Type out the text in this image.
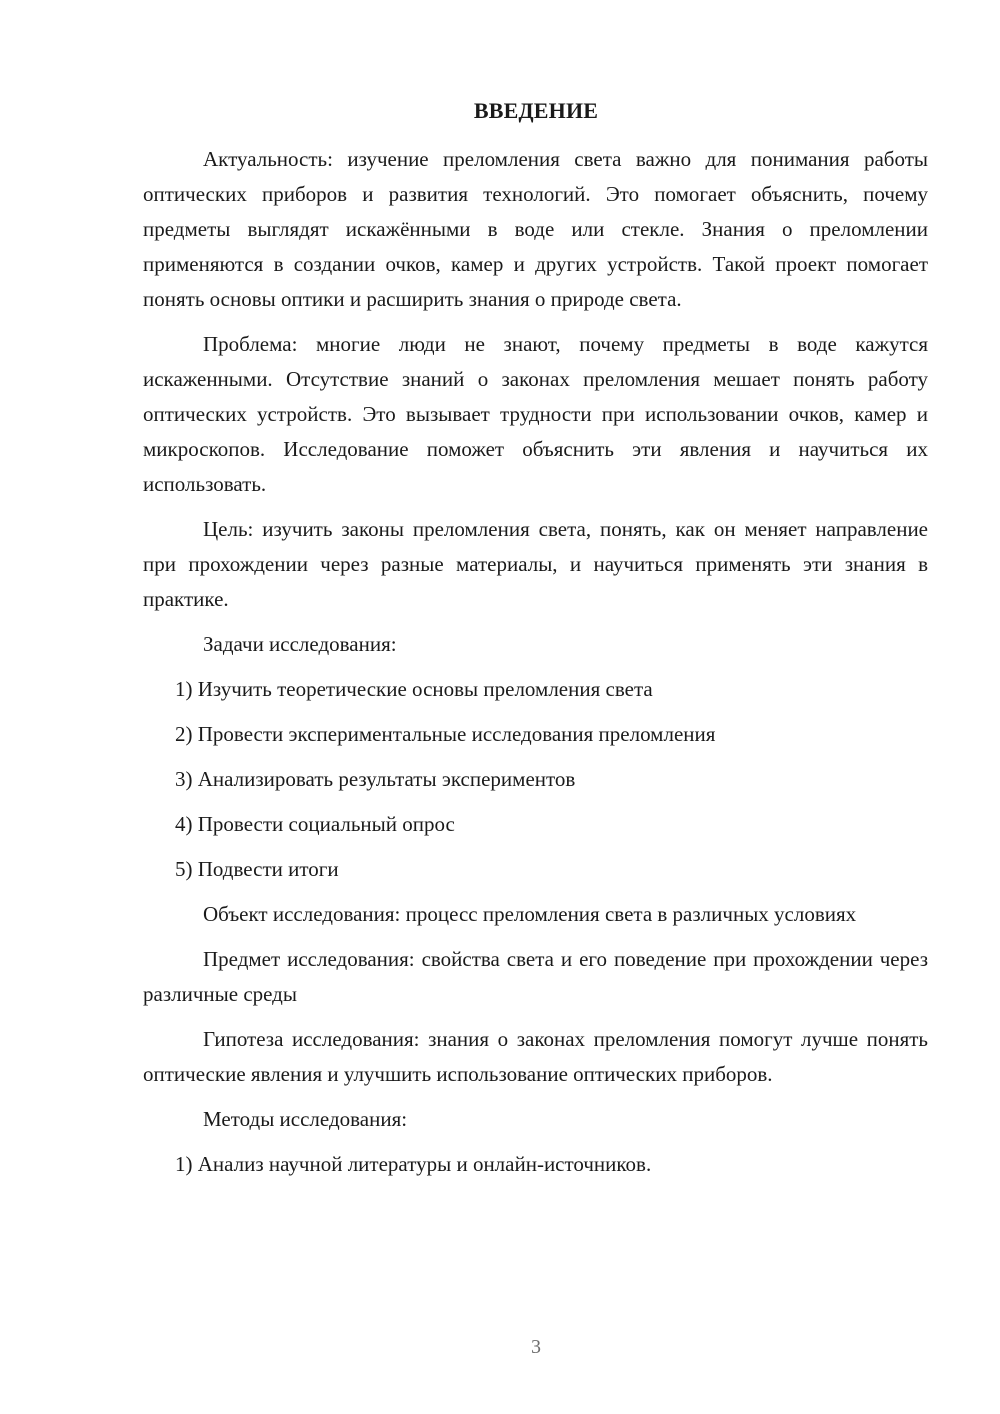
ВВЕДЕНИЕ

Актуальность: изучение преломления света важно для понимания работы оптических приборов и развития технологий. Это помогает объяснить, почему предметы выглядят искажёнными в воде или стекле. Знания о преломлении применяются в создании очков, камер и других устройств. Такой проект помогает понять основы оптики и расширить знания о природе света.

Проблема: многие люди не знают, почему предметы в воде кажутся искаженными. Отсутствие знаний о законах преломления мешает понять работу оптических устройств. Это вызывает трудности при использовании очков, камер и микроскопов. Исследование поможет объяснить эти явления и научиться их использовать.

Цель: изучить законы преломления света, понять, как он меняет направление при прохождении через разные материалы, и научиться применять эти знания в практике.

Задачи исследования:

1) Изучить теоретические основы преломления света
2) Провести экспериментальные исследования преломления
3) Анализировать результаты экспериментов
4) Провести социальный опрос
5) Подвести итоги

Объект исследования: процесс преломления света в различных условиях

Предмет исследования: свойства света и его поведение при прохождении через различные среды

Гипотеза исследования: знания о законах преломления помогут лучше понять оптические явления и улучшить использование оптических приборов.

Методы исследования:

1) Анализ научной литературы и онлайн-источников.
3
